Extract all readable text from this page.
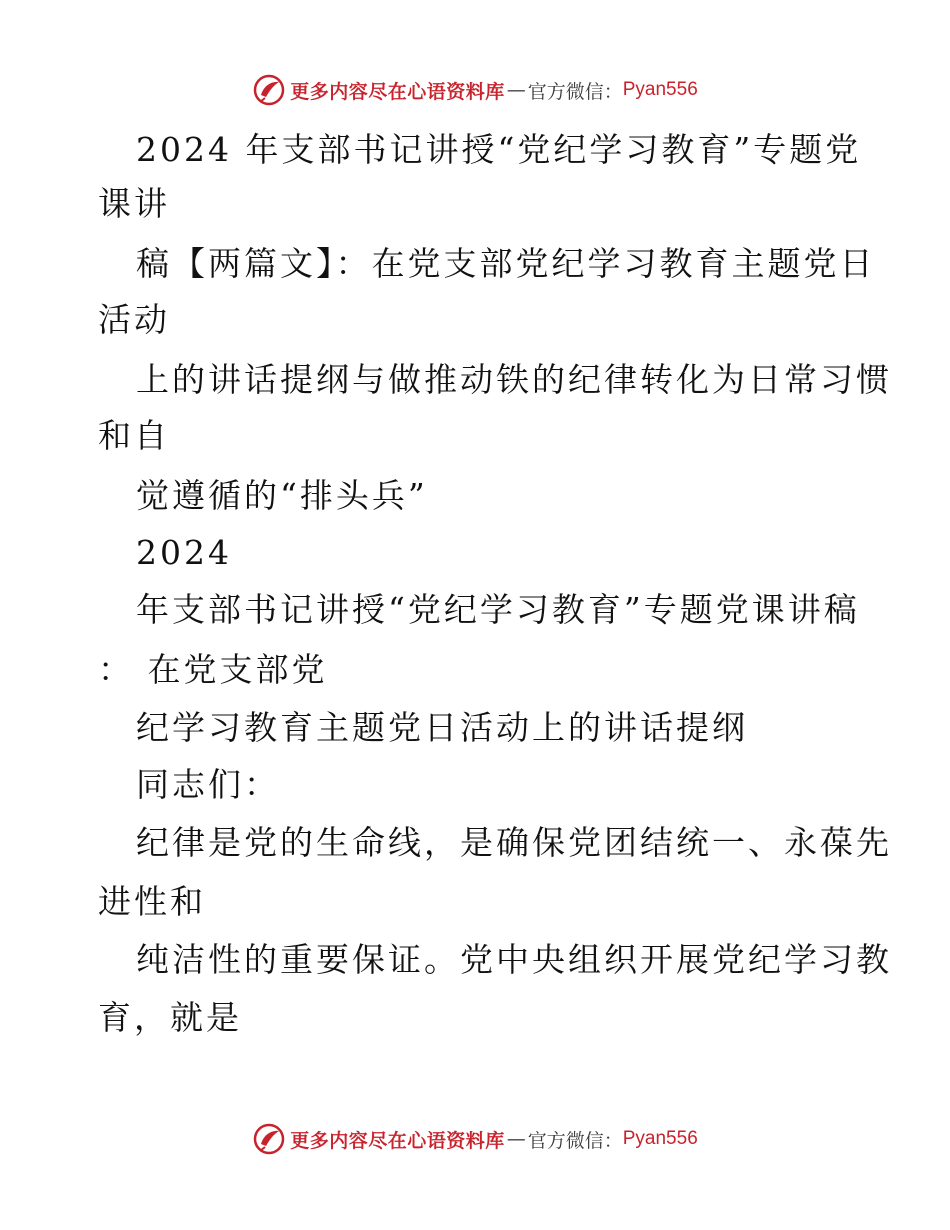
更多内容尽在心语资料库 — 官方微信： Pyan556
2024 年支部书记讲授“党纪学习教育”专题党
课讲
稿【两篇文】：在党支部党纪学习教育主题党日
活动
上的讲话提纲与做推动铁的纪律转化为日常习惯
和自
觉遵循的“排头兵”
2024
年支部书记讲授“党纪学习教育”专题党课讲稿
： 在党支部党
纪学习教育主题党日活动上的讲话提纲
同志们：
纪律是党的生命线，是确保党团结统一、永葆先
进性和
纯洁性的重要保证。党中央组织开展党纪学习教
育，就是
更多内容尽在心语资料库 — 官方微信： Pyan556
